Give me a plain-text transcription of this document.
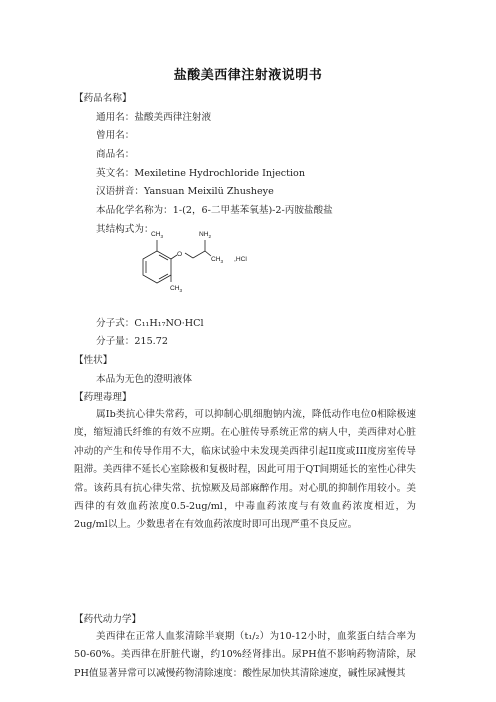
盐酸美西律注射液说明书
【药品名称】
通用名：盐酸美西律注射液
曾用名：
商品名：
英文名：Mexiletine Hydrochloride Injection
汉语拼音：Yansuan Meixilü Zhusheye
本品化学名称为：1-(2，6-二甲基苯氧基)-2-丙胺盐酸盐
其结构式为：
$CH_3$
O
$NH_2$
$CH_3$ ,HCl
$CH_3$
分子式：C₁₁H₁₇NO·HCl
分子量：215.72
【性状】
本品为无色的澄明液体
【药理毒理】
属Ib类抗心律失常药，可以抑制心肌细胞钠内流，降低动作电位0相除极速度，缩短浦氏纤维的有效不应期。在心脏传导系统正常的病人中，美西律对心脏冲动的产生和传导作用不大，临床试验中未发现美西律引起II度或III度房室传导阻滞。美西律不延长心室除极和复极时程，因此可用于QT间期延长的室性心律失常。该药具有抗心律失常、抗惊厥及局部麻醉作用。对心肌的抑制作用较小。美西律的有效血药浓度0.5-2ug/ml，中毒血药浓度与有效血药浓度相近，为2ug/ml以上。少数患者在有效血药浓度时即可出现严重不良反应。
【药代动力学】
美西律在正常人血浆清除半衰期（t₁/₂）为10-12小时，血浆蛋白结合率为50-60%。美西律在肝脏代谢，约10%经肾排出。尿PH值不影响药物清除，尿PH值显著异常可以减慢药物清除速度：酸性尿加快其清除速度，碱性尿减慢其
